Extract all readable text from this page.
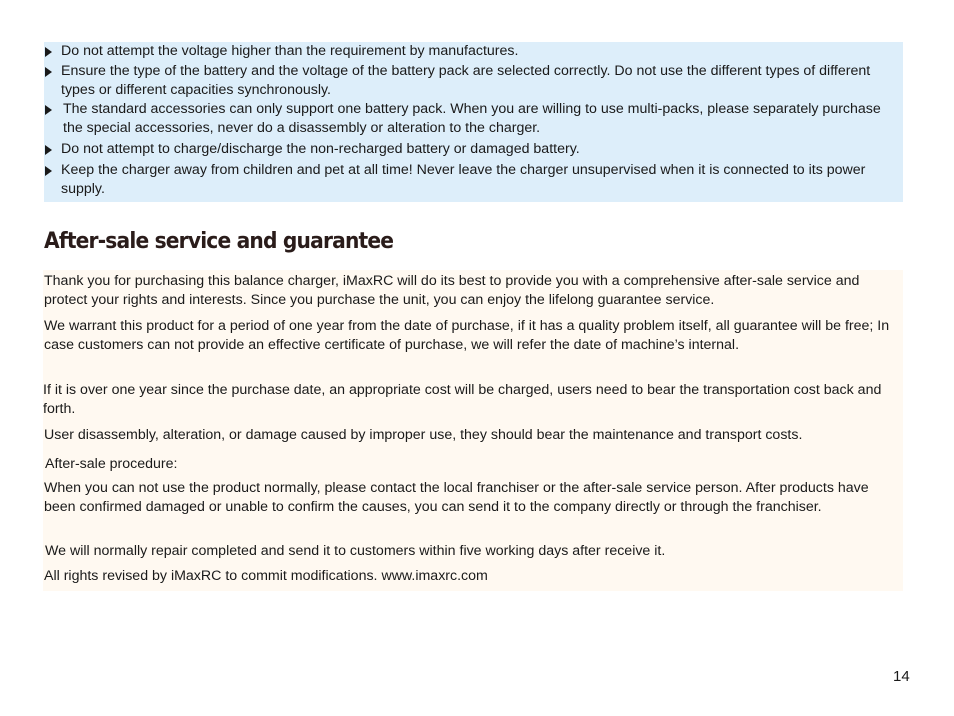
Do not attempt the voltage higher than the requirement by manufactures.
Ensure the type of the battery and the voltage of the battery pack are selected correctly. Do not use the different types of different types or different capacities synchronously.
The standard accessories can only support one battery pack. When you are willing to use multi-packs, please separately purchase the special accessories, never do a disassembly or alteration to the charger.
Do not attempt to charge/discharge the non-recharged battery or damaged battery.
Keep the charger away from children and pet at all time! Never leave the charger unsupervised when it is connected to its power supply.
After-sale service and guarantee

Thank you for purchasing this balance charger, iMaxRC will do its best to provide you with a comprehensive after-sale service and protect your rights and interests. Since you purchase the unit, you can enjoy the lifelong guarantee service.

We warrant this product for a period of one year from the date of purchase, if it has a quality problem itself, all guarantee will be free; In case customers can not provide an effective certificate of purchase, we will refer the date of machine’s internal.

If it is over one year since the purchase date, an appropriate cost will be charged, users need to bear the transportation cost back and forth.

User disassembly, alteration, or damage caused by improper use, they should bear the maintenance and transport costs.

After-sale procedure:

When you can not use the product normally, please contact the local franchiser or the after-sale service person. After products have been confirmed damaged or unable to confirm the causes, you can send it to the company directly or through the franchiser.

We will normally repair completed and send it to customers within five working days after receive it.

All rights revised by iMaxRC to commit modifications. www.imaxrc.com

14
